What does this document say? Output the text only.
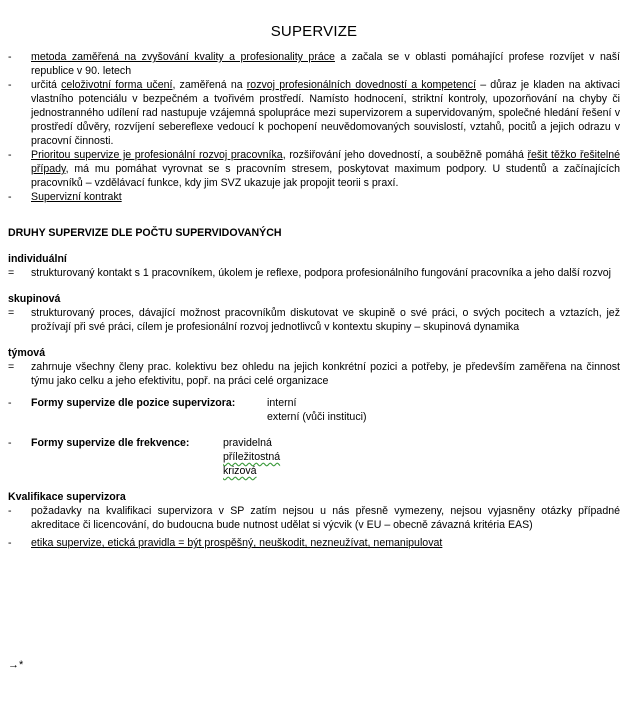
SUPERVIZE
- metoda zaměřená na zvyšování kvality a profesionality práce a začala se v oblasti pomáhající profese rozvíjet v naší republice v 90. letech
- určitá celoživotní forma učení, zaměřená na rozvoj profesionálních dovedností a kompetencí – důraz je kladen na aktivaci vlastního potenciálu v bezpečném a tvořivém prostředí. Namísto hodnocení, striktní kontroly, upozorňování na chyby či jednostranného udílení rad nastupuje vzájemná spolupráce mezi supervizorem a supervidovaným, společné hledání řešení v prostředí důvěry, rozvíjení sebereflexe vedoucí k pochopení neuvědomovaných souvislostí, vztahů, pocitů a jejich odrazu v pracovní činnosti.
- Prioritou supervize je profesionální rozvoj pracovníka, rozšiřování jeho dovedností, a souběžně pomáhá řešit těžko řešitelné případy, má mu pomáhat vyrovnat se s pracovním stresem, poskytovat maximum podpory. U studentů a začínajících pracovníků – vzdělávací funkce, kdy jim SVZ ukazuje jak propojit teorii s praxí.
- Supervizní kontrakt
DRUHY SUPERVIZE DLE POČTU SUPERVIDOVANÝCH
individuální
= strukturovaný kontakt s 1 pracovníkem, úkolem je reflexe, podpora profesionálního fungování pracovníka a jeho další rozvoj
skupinová
= strukturovaný proces, dávající možnost pracovníkům diskutovat ve skupině o své práci, o svých pocitech a vztazích, jež prožívají při své práci, cílem je profesionální rozvoj jednotlivců v kontextu skupiny – skupinová dynamika
týmová
= zahrnuje všechny členy prac. kolektivu bez ohledu na jejich konkrétní pozici a potřeby, je především zaměřena na činnost týmu jako celku a jeho efektivitu, popř. na práci celé organizace
-	Formy supervize dle pozice supervizora:	interní
externí (vůči instituci)
-	Formy supervize dle frekvence:	pravidelná
příležitostná
krizová
Kvalifikace supervizora
- požadavky na kvalifikaci supervizora v SP zatím nejsou u nás přesně vymezeny, nejsou vyjasněny otázky případné akreditace či licencování, do budoucna bude nutnost udělat si výcvik (v EU – obecně závazná kritéria EAS)
- etika supervize, etická pravidla = být prospěšný, neuškodit, nezneužívat, nemanipulovat
→*
